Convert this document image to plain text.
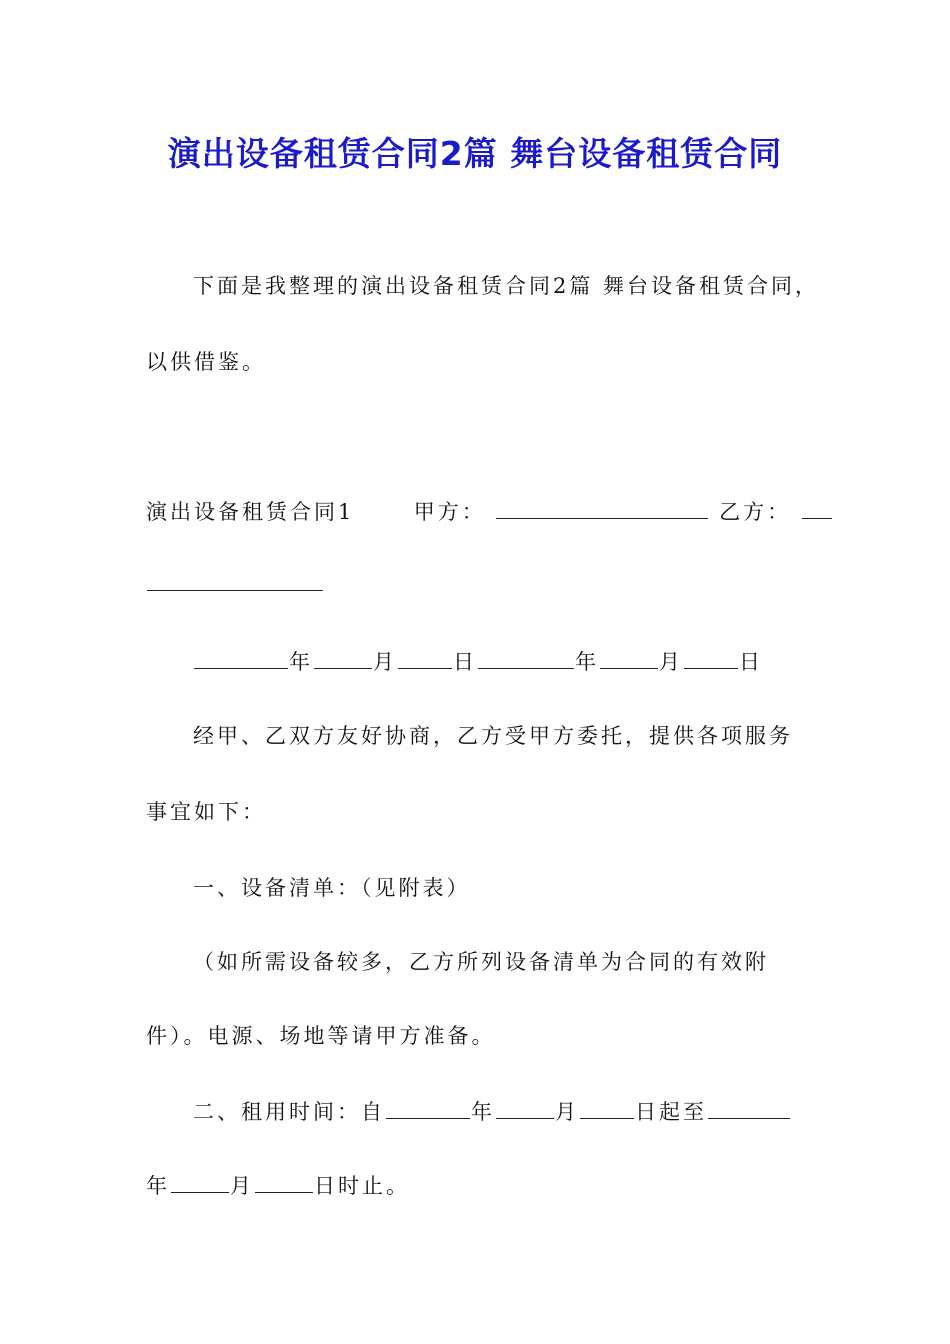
演出设备租赁合同2篇 舞台设备租赁合同
下面是我整理的演出设备租赁合同2篇 舞台设备租赁合同，
以供借鉴。
演出设备租赁合同1	甲方：	乙方：
年	月	日	年	月	日
经甲、乙双方友好协商，乙方受甲方委托，提供各项服务
事宜如下：
一、设备清单：（见附表）
（如所需设备较多，乙方所列设备清单为合同的有效附
件）。电源、场地等请甲方准备。
二、租用时间：自	年	月	日起至
年	月	日时止。
